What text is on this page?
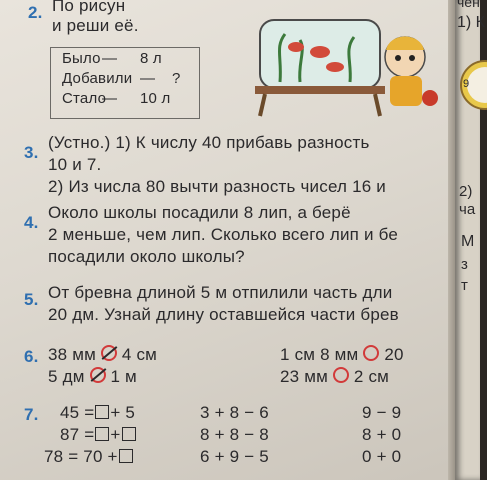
2. По рисун
и реши её.
Было — 8 л
Добавили — ?
Стало
— 10 л
3.
(Устно.) 1) К числу 40 прибавь разность
10 и 7.
2) Из числа 80 вычти разность чисел 16 и
4.
Около школы посадили 8 лип, а берё
2 меньше, чем лип. Сколько всего лип и бе
посадили около школы?
5. От бревна длиной 5 м отпилили часть дли
20 дм. Узнай длину оставшейся части брев
6. 38 мм 4 см
5 дм 1 м
1 см 8 мм 20
23 мм 2 см
7. 45 = + 5
87 = +
78 = 70 +
3 + 8 − 6
8 + 8 − 8
6 + 9 − 5
9 − 9
8 + 0
0 + 0
чен
1) К
9
2)
ча
М
з
т
